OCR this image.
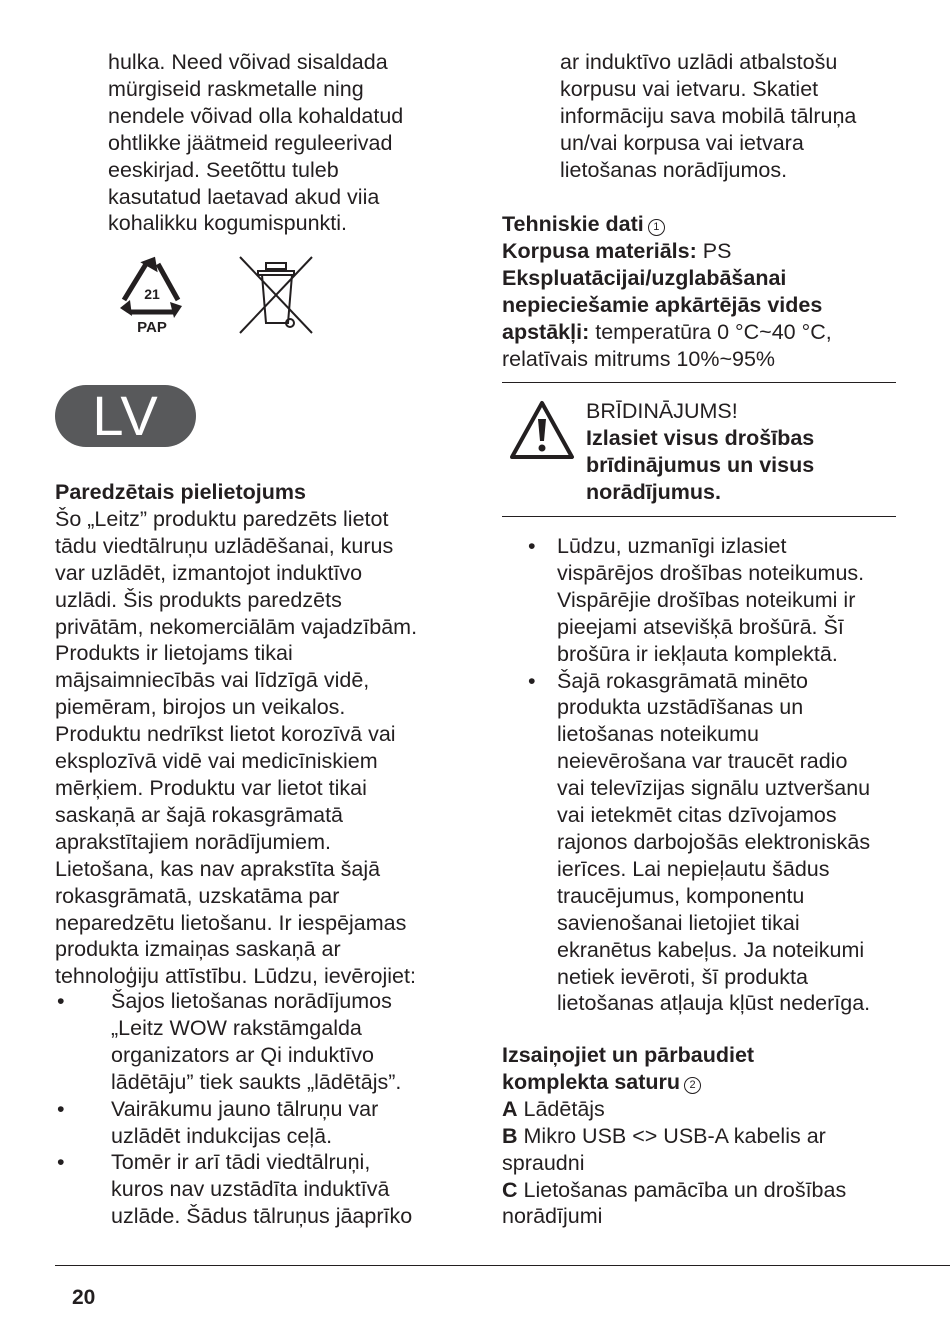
hulka. Need võivad sisaldada
mürgiseid raskmetalle ning
nendele võivad olla kohaldatud
ohtlikke jäätmeid reguleerivad
eeskirjad. Seetõttu tuleb
kasutatud laetavad akud viia
kohalikku kogumispunkti.
21
PAP
LV
Paredzētais pielietojums
Šo „Leitz” produktu paredzēts lietot
tādu viedtālruņu uzlādēšanai, kurus
var uzlādēt, izmantojot induktīvo
uzlādi. Šis produkts paredzēts
privātām, nekomerciālām vajadzībām.
Produkts ir lietojams tikai
mājsaimniecībās vai līdzīgā vidē,
piemēram, birojos un veikalos.
Produktu nedrīkst lietot korozīvā vai
eksplozīvā vidē vai medicīniskiem
mērķiem. Produktu var lietot tikai
saskaņā ar šajā rokasgrāmatā
aprakstītajiem norādījumiem.
Lietošana, kas nav aprakstīta šajā
rokasgrāmatā, uzskatāma par
neparedzētu lietošanu. Ir iespējamas
produkta izmaiņas saskaņā ar
tehnoloģiju attīstību. Lūdzu, ievērojiet:
• Šajos lietošanas norādījumos
„Leitz WOW rakstāmgalda
organizators ar Qi induktīvo
lādētāju” tiek saukts „lādētājs”.
• Vairākumu jauno tālruņu var
uzlādēt indukcijas ceļā.
• Tomēr ir arī tādi viedtālruņi,
kuros nav uzstādīta induktīvā
uzlāde. Šādus tālruņus jāaprīko
ar induktīvo uzlādi atbalstošu
korpusu vai ietvaru. Skatiet
informāciju sava mobilā tālruņa
un/vai korpusa vai ietvara
lietošanas norādījumos.
Tehniskie dati 1
Korpusa materiāls: PS
Ekspluatācijai/uzglabāšanai
nepieciešamie apkārtējās vides
apstākļi: temperatūra 0 °C~40 °C,
relatīvais mitrums 10%~95%
BRĪDINĀJUMS!
Izlasiet visus drošības
brīdinājumus un visus
norādījumus.
• Lūdzu, uzmanīgi izlasiet
vispārējos drošības noteikumus.
Vispārējie drošības noteikumi ir
pieejami atsevišķā brošūrā. Šī
brošūra ir iekļauta komplektā.
• Šajā rokasgrāmatā minēto
produkta uzstādīšanas un
lietošanas noteikumu
neievērošana var traucēt radio
vai televīzijas signālu uztveršanu
vai ietekmēt citas dzīvojamos
rajonos darbojošās elektroniskās
ierīces. Lai nepieļautu šādus
traucējumus, komponentu
savienošanai lietojiet tikai
ekranētus kabeļus. Ja noteikumi
netiek ievēroti, šī produkta
lietošanas atļauja kļūst nederīga.
Izsaiņojiet un pārbaudiet
komplekta saturu 2
A Lādētājs
B Mikro USB <> USB-A kabelis ar
spraudni
C Lietošanas pamācība un drošības
norādījumi
20
